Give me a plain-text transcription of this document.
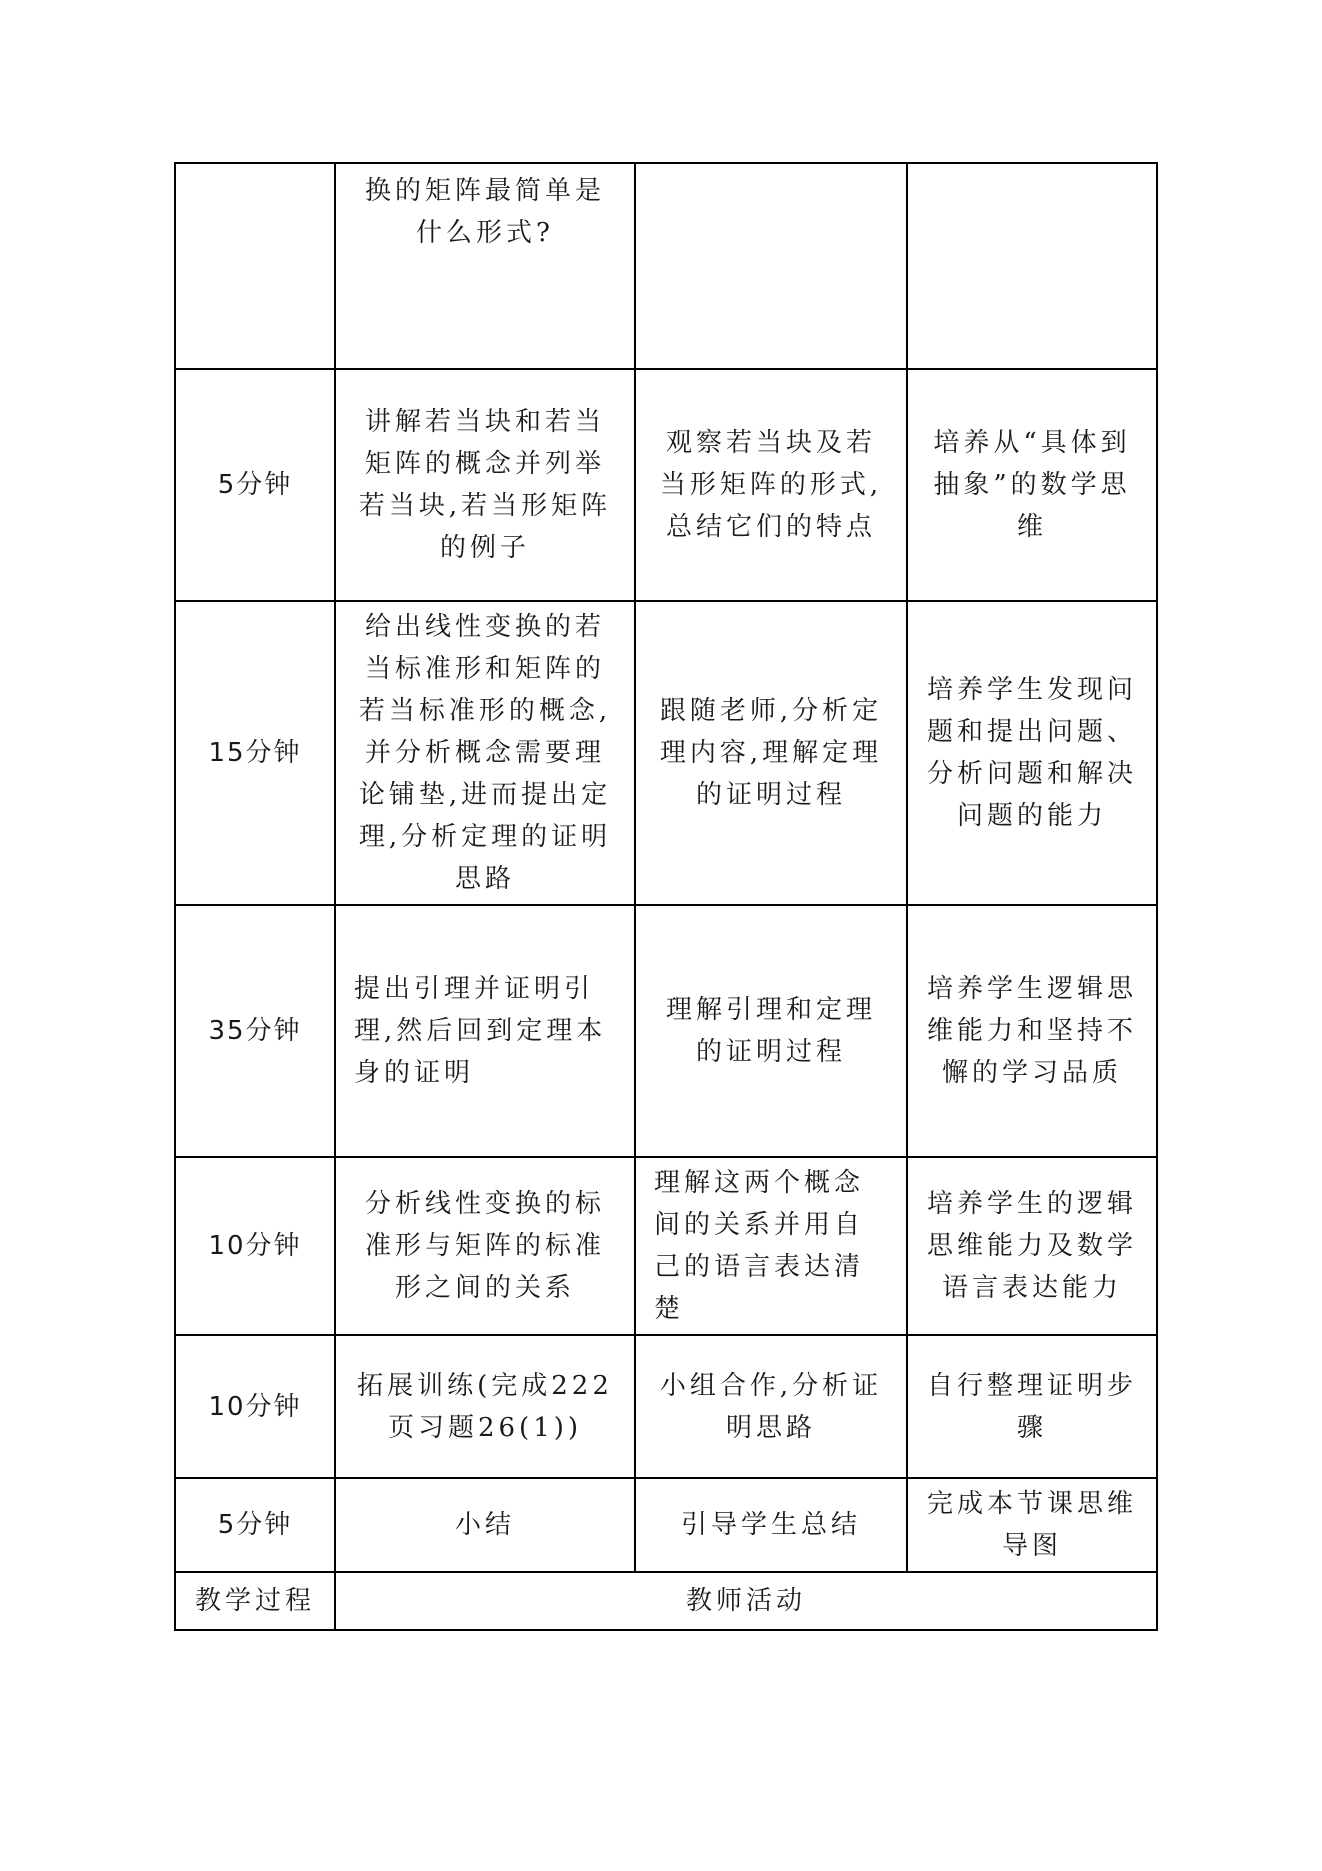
	换的矩阵最简单是什么形式?		
5分钟	讲解若当块和若当矩阵的概念并列举若当块,若当形矩阵的例子	观察若当块及若当形矩阵的形式,总结它们的特点	培养从“具体到抽象”的数学思维
15分钟	给出线性变换的若当标准形和矩阵的若当标准形的概念,并分析概念需要理论铺垫,进而提出定理,分析定理的证明思路	跟随老师,分析定理内容,理解定理的证明过程	培养学生发现问题和提出问题、分析问题和解决问题的能力
35分钟	提出引理并证明引理,然后回到定理本身的证明	理解引理和定理的证明过程	培养学生逻辑思维能力和坚持不懈的学习品质
10分钟	分析线性变换的标准形与矩阵的标准形之间的关系	理解这两个概念间的关系并用自己的语言表达清楚	培养学生的逻辑思维能力及数学语言表达能力
10分钟	拓展训练(完成222页习题26(1))	小组合作,分析证明思路	自行整理证明步骤
5分钟	小结	引导学生总结	完成本节课思维导图
教学过程	教师活动		
